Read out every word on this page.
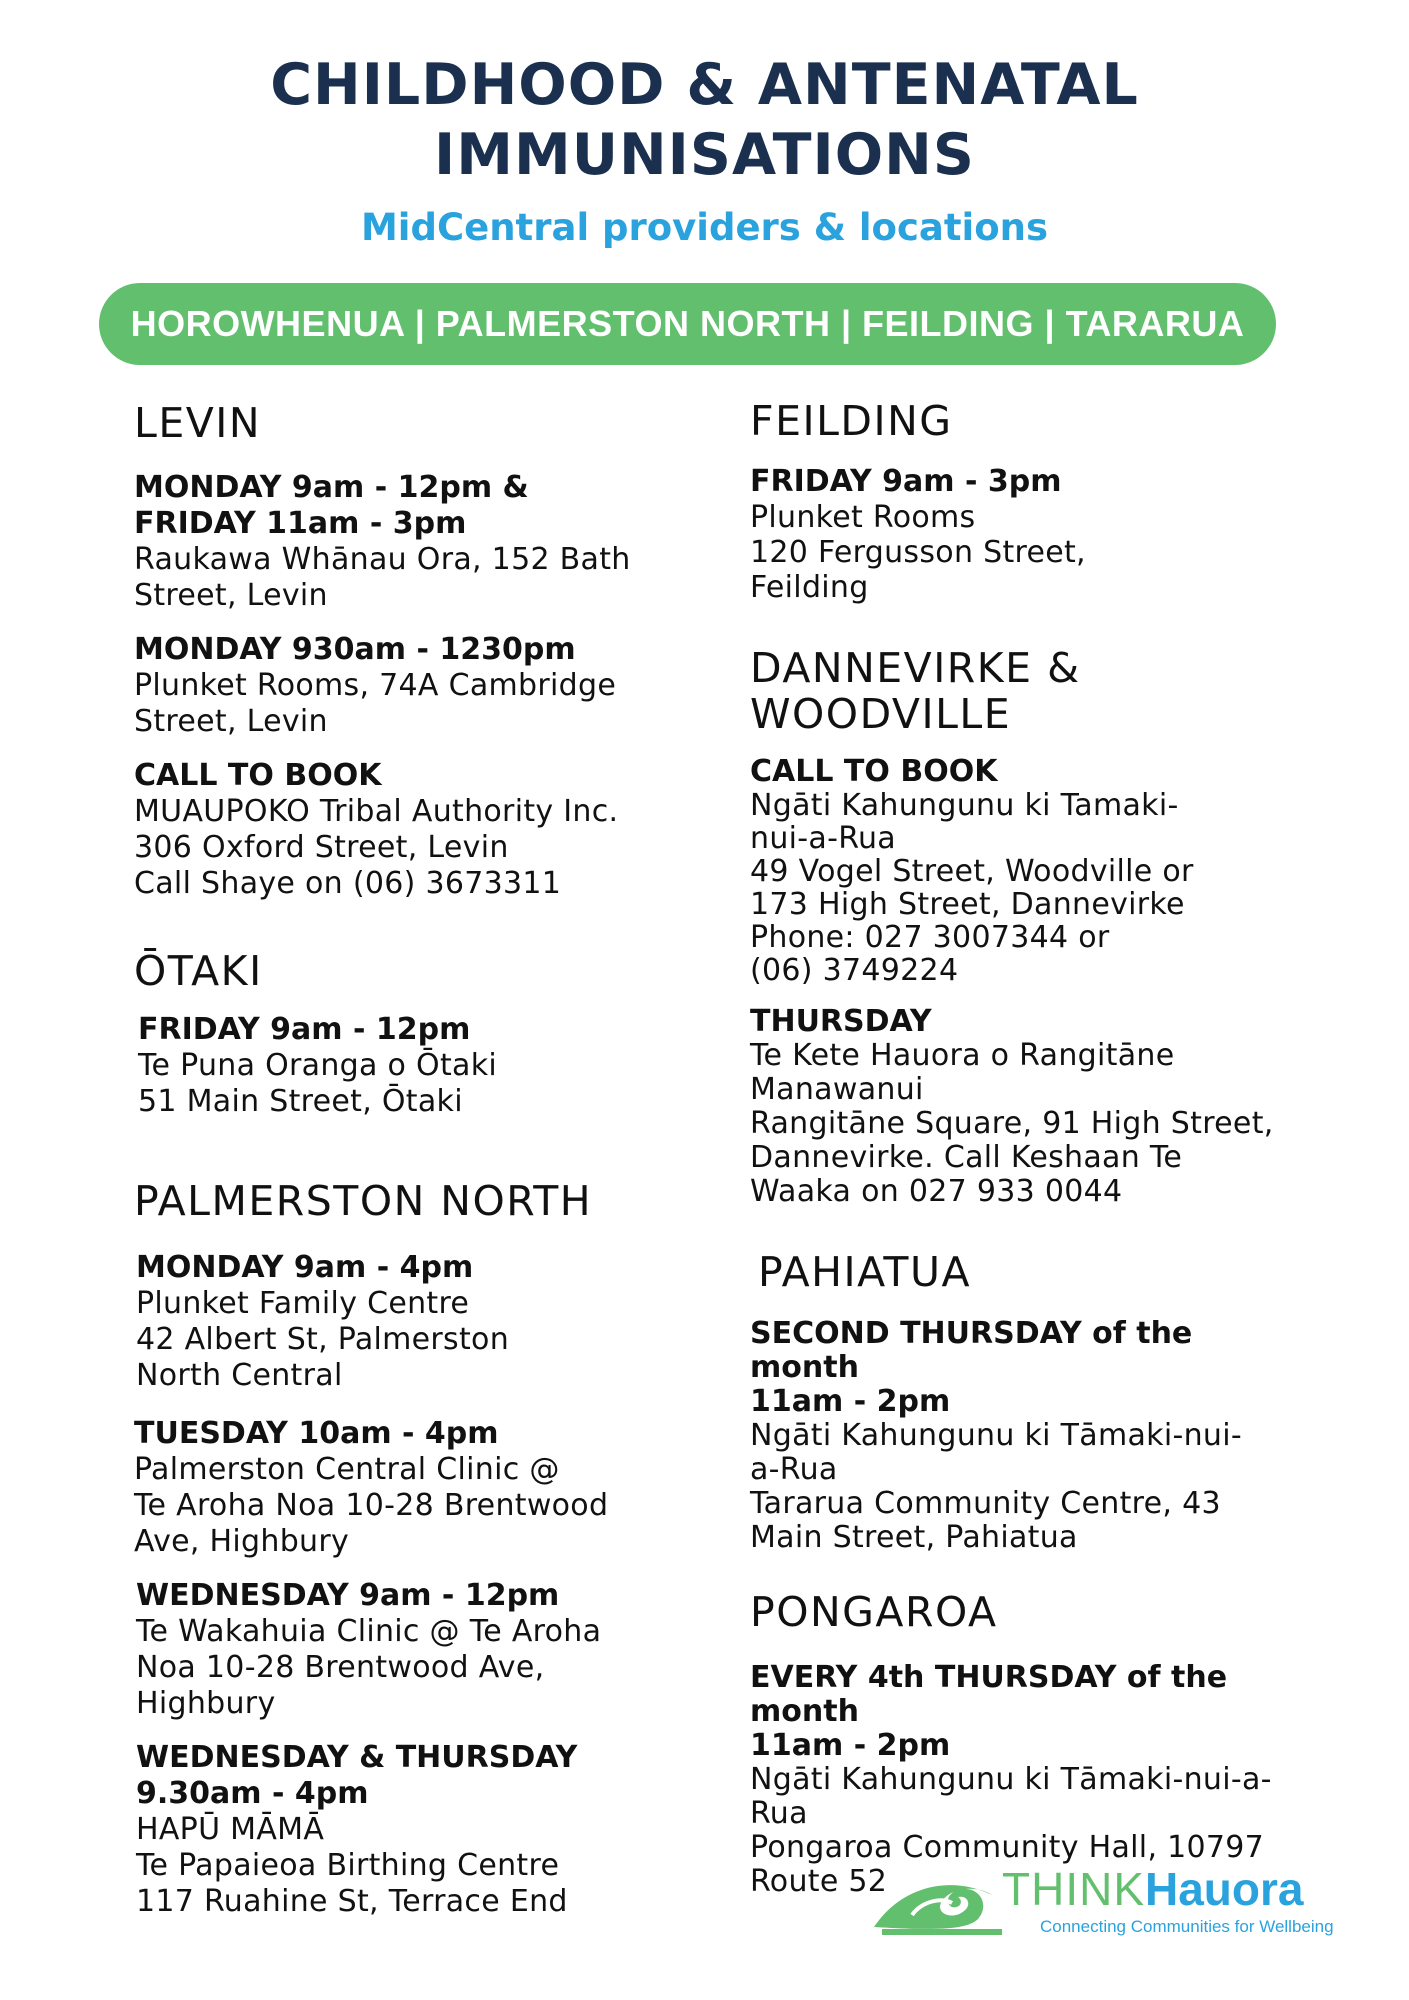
CHILDHOOD & ANTENATAL
IMMUNISATIONS
MidCentral providers & locations
HOROWHENUA | PALMERSTON NORTH | FEILDING | TARARUA
LEVIN
MONDAY 9am - 12pm &
FRIDAY 11am - 3pm
Raukawa Whānau Ora, 152 Bath
Street, Levin
MONDAY 930am - 1230pm
Plunket Rooms, 74A Cambridge
Street, Levin
CALL TO BOOK
MUAUPOKO Tribal Authority Inc.
306 Oxford Street, Levin
Call Shaye on (06) 3673311
ŌTAKI
FRIDAY 9am - 12pm
Te Puna Oranga o Ōtaki
51 Main Street, Ōtaki
PALMERSTON NORTH
MONDAY 9am - 4pm
Plunket Family Centre
42 Albert St, Palmerston
North Central
TUESDAY 10am - 4pm
Palmerston Central Clinic @
Te Aroha Noa 10-28 Brentwood
Ave, Highbury
WEDNESDAY 9am - 12pm
Te Wakahuia Clinic @ Te Aroha
Noa 10-28 Brentwood Ave,
Highbury
WEDNESDAY & THURSDAY
9.30am - 4pm
HAPŪ MĀMĀ
Te Papaieoa Birthing Centre
117 Ruahine St, Terrace End
FEILDING
FRIDAY 9am - 3pm
Plunket Rooms
120 Fergusson Street,
Feilding
DANNEVIRKE &
WOODVILLE
CALL TO BOOK
Ngāti Kahungunu ki Tamaki-
nui-a-Rua
49 Vogel Street, Woodville or
173 High Street, Dannevirke
Phone: 027 3007344 or
(06) 3749224
THURSDAY
Te Kete Hauora o Rangitāne
Manawanui
Rangitāne Square, 91 High Street,
Dannevirke. Call Keshaan Te
Waaka on 027 933 0044
PAHIATUA
SECOND THURSDAY of the month
11am - 2pm
Ngāti Kahungunu ki Tāmaki-nui-
a-Rua
Tararua Community Centre, 43
Main Street, Pahiatua
PONGAROA
EVERY 4th THURSDAY of the month
11am - 2pm
Ngāti Kahungunu ki Tāmaki-nui-a-
Rua
Pongaroa Community Hall, 10797
Route 52	THINKHauora
Connecting Communities for Wellbeing
